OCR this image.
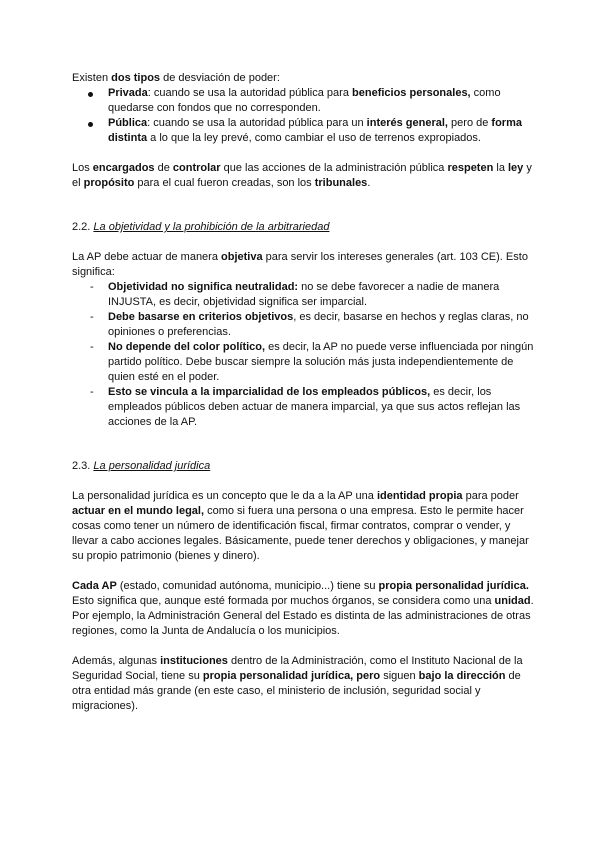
Existen dos tipos de desviación de poder:

Privada: cuando se usa la autoridad pública para beneficios personales, como quedarse con fondos que no corresponden.
Pública: cuando se usa la autoridad pública para un interés general, pero de forma distinta a lo que la ley prevé, como cambiar el uso de terrenos expropiados.

Los encargados de controlar que las acciones de la administración pública respeten la ley y el propósito para el cual fueron creadas, son los tribunales.

2.2. La objetividad y la prohibición de la arbitrariedad

La AP debe actuar de manera objetiva para servir los intereses generales (art. 103 CE). Esto significa:

- Objetividad no significa neutralidad: no se debe favorecer a nadie de manera INJUSTA, es decir, objetividad significa ser imparcial.
- Debe basarse en criterios objetivos, es decir, basarse en hechos y reglas claras, no opiniones o preferencias.
- No depende del color político, es decir, la AP no puede verse influenciada por ningún partido político. Debe buscar siempre la solución más justa independientemente de quien esté en el poder.
- Esto se vincula a la imparcialidad de los empleados públicos, es decir, los empleados públicos deben actuar de manera imparcial, ya que sus actos reflejan las acciones de la AP.

2.3. La personalidad jurídica

La personalidad jurídica es un concepto que le da a la AP una identidad propia para poder actuar en el mundo legal, como si fuera una persona o una empresa. Esto le permite hacer cosas como tener un número de identificación fiscal, firmar contratos, comprar o vender, y llevar a cabo acciones legales. Básicamente, puede tener derechos y obligaciones, y manejar su propio patrimonio (bienes y dinero).

Cada AP (estado, comunidad autónoma, municipio...) tiene su propia personalidad jurídica. Esto significa que, aunque esté formada por muchos órganos, se considera como una unidad. Por ejemplo, la Administración General del Estado es distinta de las administraciones de otras regiones, como la Junta de Andalucía o los municipios.

Además, algunas instituciones dentro de la Administración, como el Instituto Nacional de la Seguridad Social, tiene su propia personalidad jurídica, pero siguen bajo la dirección de otra entidad más grande (en este caso, el ministerio de inclusión, seguridad social y migraciones).
